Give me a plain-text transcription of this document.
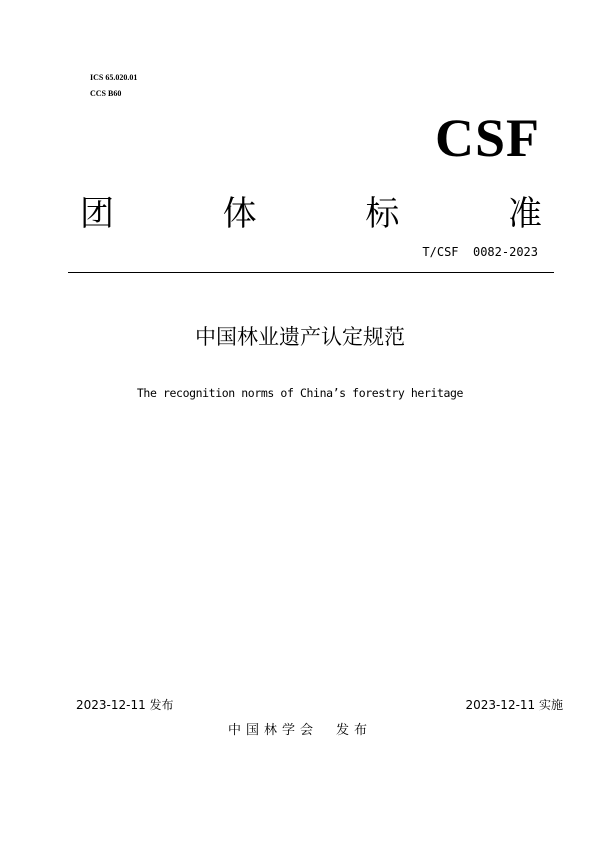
ICS 65.020.01
CCS B60
CSF
团	体	标	准
T/CSF  0082-2023
中国林业遗产认定规范
The recognition norms of China’s forestry heritage
2023-12-11 发布	2023-12-11 实施
中国林学会 发布
